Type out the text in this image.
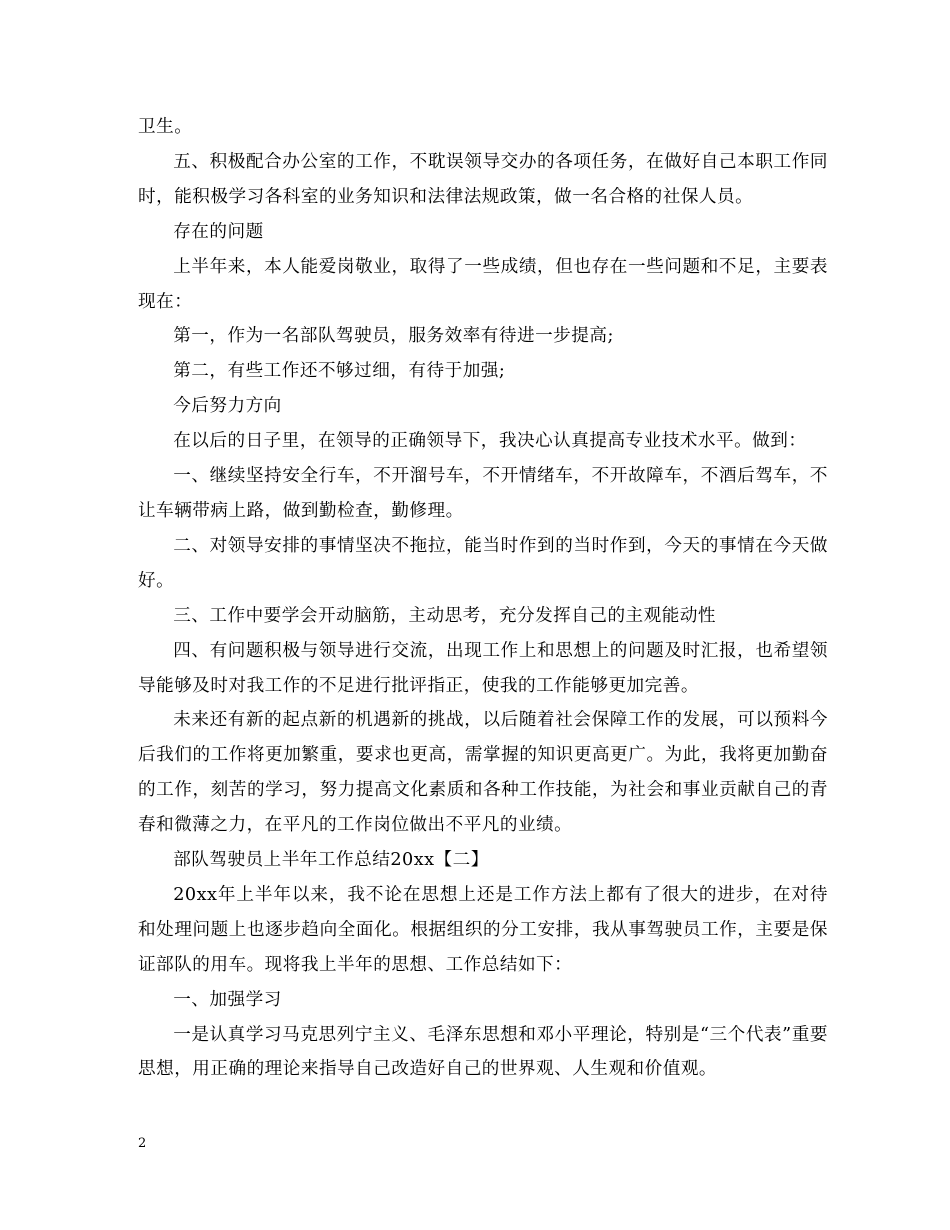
卫生。

五、积极配合办公室的工作，不耽误领导交办的各项任务，在做好自己本职工作同时，能积极学习各科室的业务知识和法律法规政策，做一名合格的社保人员。

存在的问题

上半年来，本人能爱岗敬业，取得了一些成绩，但也存在一些问题和不足，主要表现在：

第一，作为一名部队驾驶员，服务效率有待进一步提高;

第二，有些工作还不够过细，有待于加强;

今后努力方向

在以后的日子里，在领导的正确领导下，我决心认真提高专业技术水平。做到：

一、继续坚持安全行车，不开溜号车，不开情绪车，不开故障车，不酒后驾车，不让车辆带病上路，做到勤检查，勤修理。

二、对领导安排的事情坚决不拖拉，能当时作到的当时作到，今天的事情在今天做好。

三、工作中要学会开动脑筋，主动思考，充分发挥自己的主观能动性

四、有问题积极与领导进行交流，出现工作上和思想上的问题及时汇报，也希望领导能够及时对我工作的不足进行批评指正，使我的工作能够更加完善。

未来还有新的起点新的机遇新的挑战，以后随着社会保障工作的发展，可以预料今后我们的工作将更加繁重，要求也更高，需掌握的知识更高更广。为此，我将更加勤奋的工作，刻苦的学习，努力提高文化素质和各种工作技能，为社会和事业贡献自己的青春和微薄之力，在平凡的工作岗位做出不平凡的业绩。

部队驾驶员上半年工作总结20xx【二】

20xx年上半年以来，我不论在思想上还是工作方法上都有了很大的进步，在对待和处理问题上也逐步趋向全面化。根据组织的分工安排，我从事驾驶员工作，主要是保证部队的用车。现将我上半年的思想、工作总结如下：

一、加强学习

一是认真学习马克思列宁主义、毛泽东思想和邓小平理论，特别是“三个代表”重要思想，用正确的理论来指导自己改造好自己的世界观、人生观和价值观。

2
